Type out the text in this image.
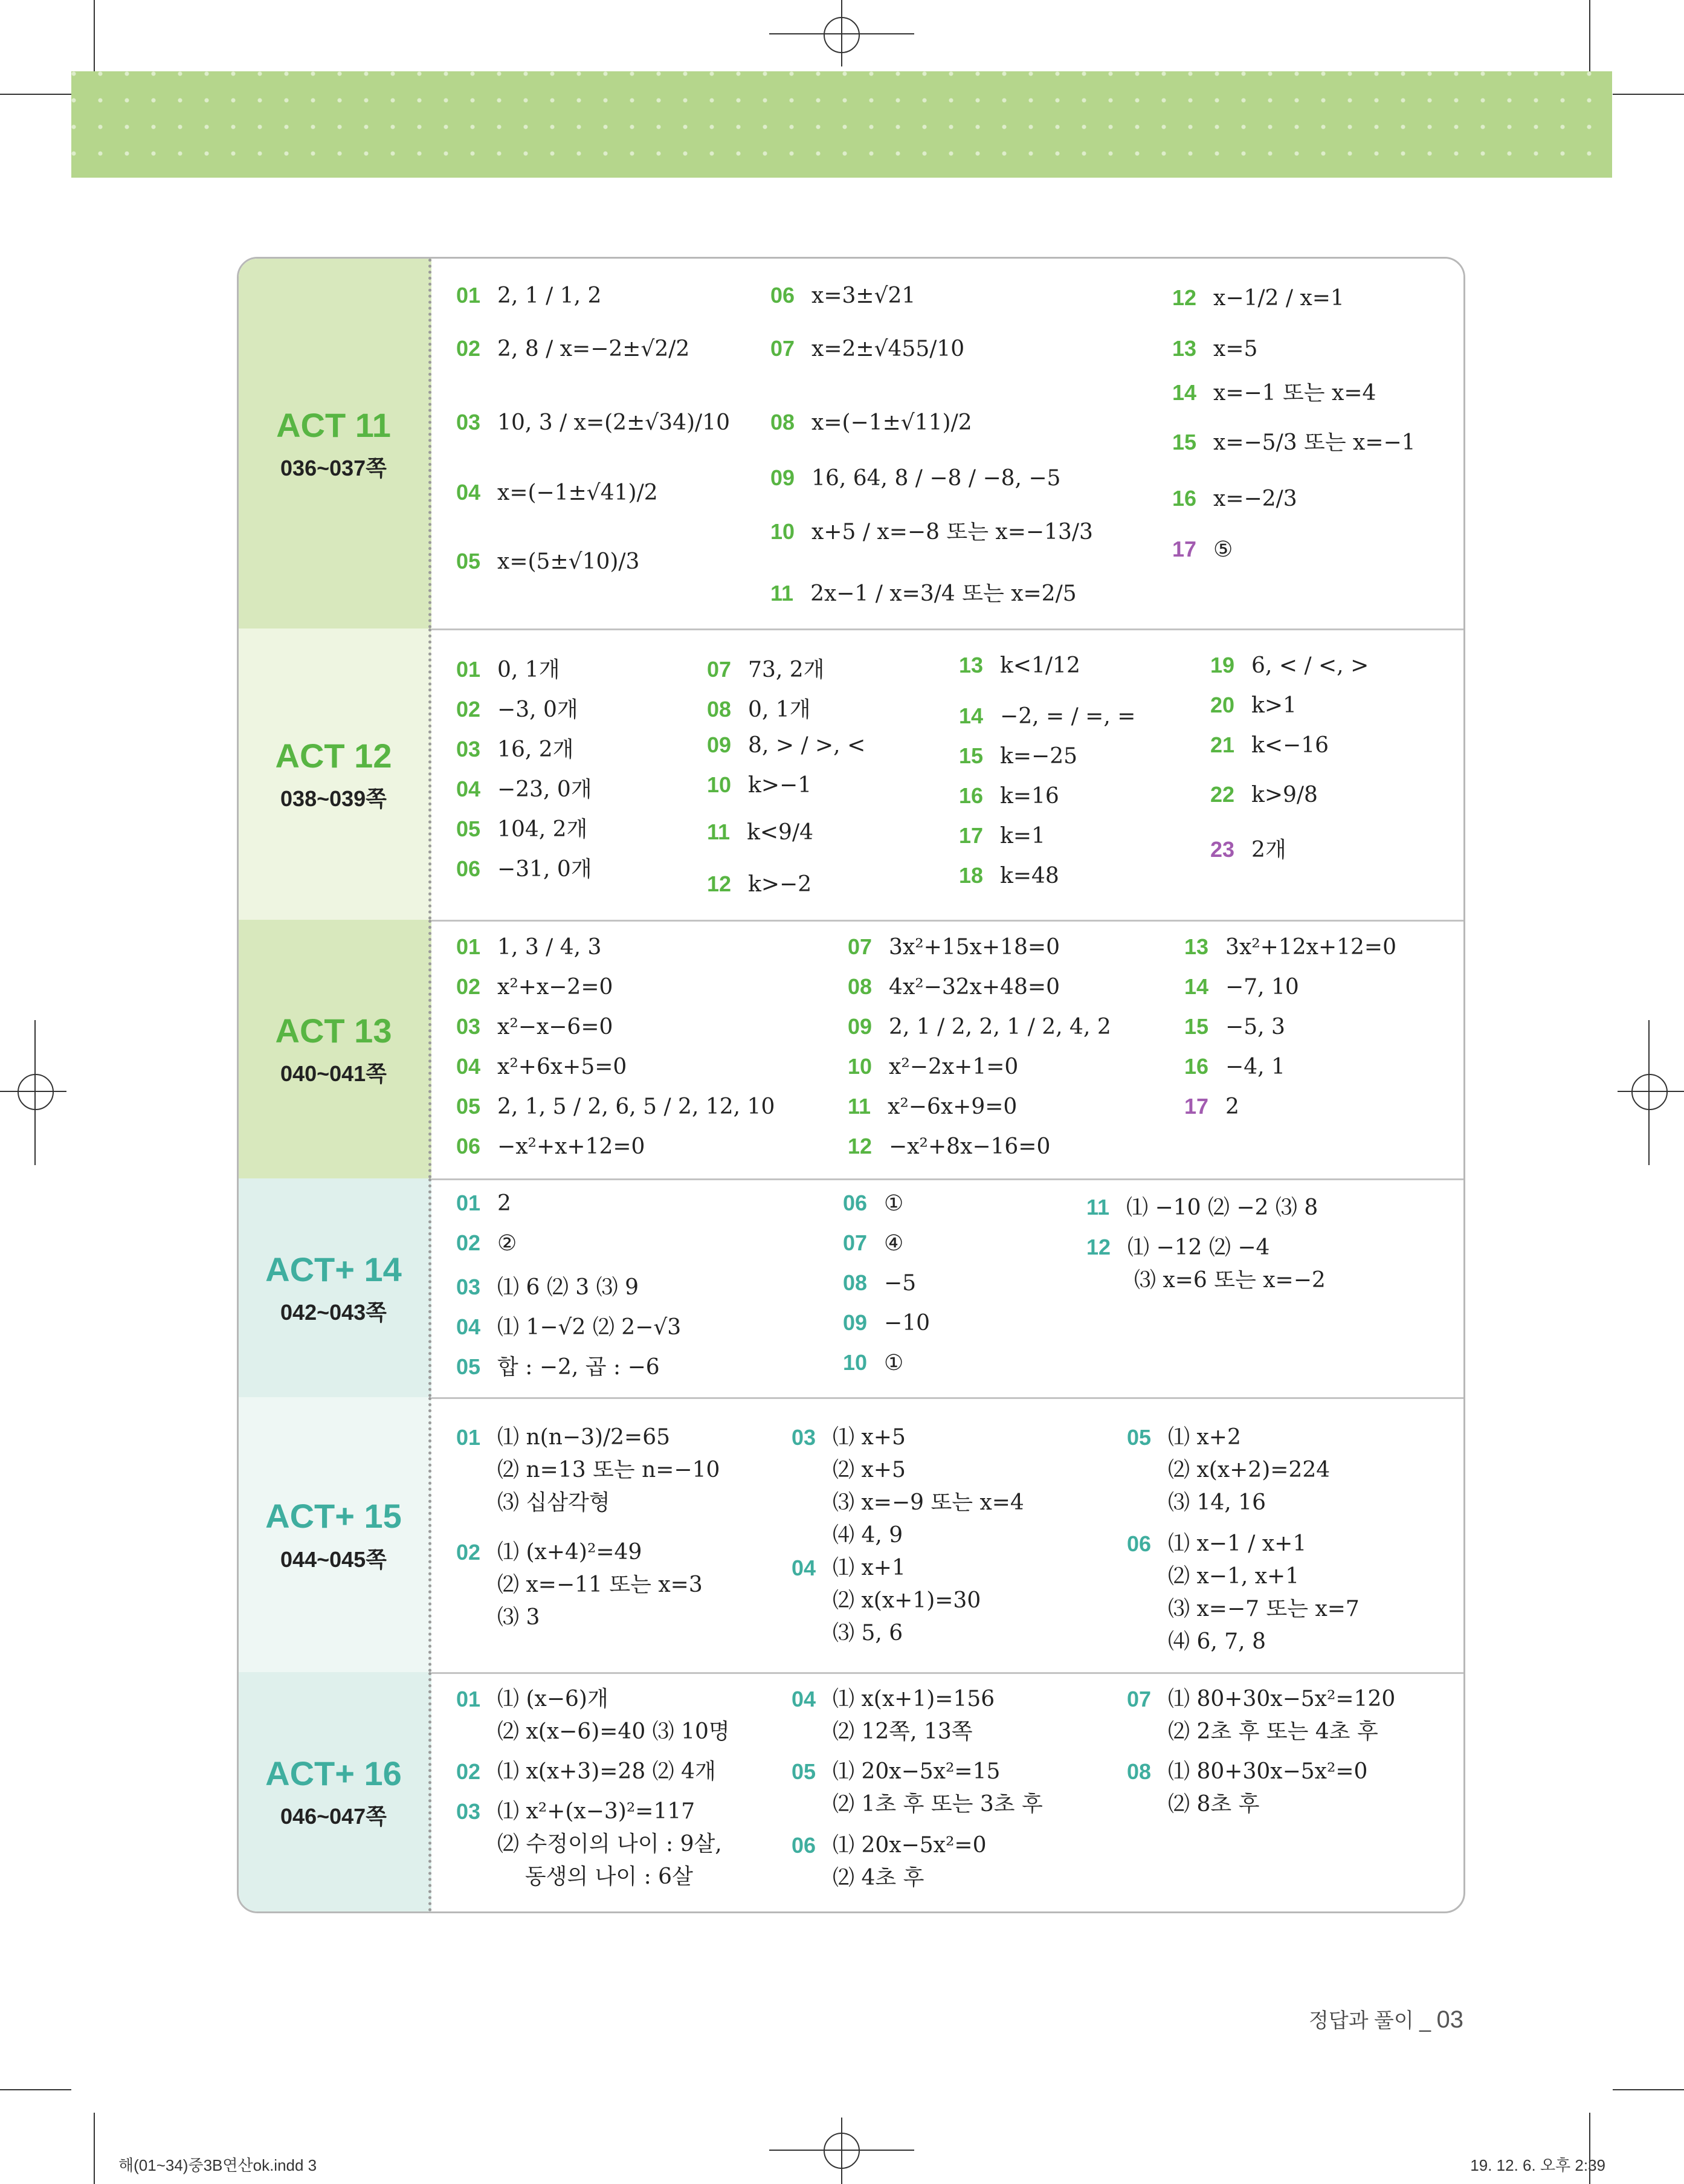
ACT 11
036~037쪽
01 2, 1 / 1, 2
02 2, 8 / x=−2±√2/2
03 10, 3 / x=(2±√34)/10
04 x=(−1±√41)/2
05 x=(5±√10)/3
06 x=3±√21
07 x=2±√455/10
08 x=(−1±√11)/2
09 16, 64, 8 / −8 / −8, −5
10 x+5 / x=−8 또는 x=−13/3
11 2x−1 / x=3/4 또는 x=2/5
12 x−1/2 / x=1
13 x=5
14 x=−1 또는 x=4
15 x=−5/3 또는 x=−1
16 x=−2/3
17 ⑤
ACT 12
038~039쪽
01 0, 1개
02 −3, 0개
03 16, 2개
04 −23, 0개
05 104, 2개
06 −31, 0개
07 73, 2개
08 0, 1개
09 8, > / >, <
10 k>−1
11 k<9/4
12 k>−2
13 k<1/12
14 −2, = / =, =
15 k=−25
16 k=16
17 k=1
18 k=48
19 6, < / <, >
20 k>1
21 k<−16
22 k>9/8
23 2개
ACT 13
040~041쪽
01 1, 3 / 4, 3
02 x²+x−2=0
03 x²−x−6=0
04 x²+6x+5=0
05 2, 1, 5 / 2, 6, 5 / 2, 12, 10
06 −x²+x+12=0
07 3x²+15x+18=0
08 4x²−32x+48=0
09 2, 1 / 2, 2, 1 / 2, 4, 2
10 x²−2x+1=0
11 x²−6x+9=0
12 −x²+8x−16=0
13 3x²+12x+12=0
14 −7, 10
15 −5, 3
16 −4, 1
17 2
ACT+ 14
042~043쪽
01 2
02 ②
03 ⑴ 6 ⑵ 3 ⑶ 9
04 ⑴ 1−√2 ⑵ 2−√3
05 합 : −2, 곱 : −6
06 ①
07 ④
08 −5
09 −10
10 ①
11 ⑴ −10 ⑵ −2 ⑶ 8
12 ⑴ −12 ⑵ −4
⑶ x=6 또는 x=−2
ACT+ 15
044~045쪽
01 ⑴ n(n−3)/2=65
⑵ n=13 또는 n=−10
⑶ 십삼각형
02 ⑴ (x+4)²=49
⑵ x=−11 또는 x=3
⑶ 3
03 ⑴ x+5
⑵ x+5
⑶ x=−9 또는 x=4
⑷ 4, 9
04 ⑴ x+1
⑵ x(x+1)=30
⑶ 5, 6
05 ⑴ x+2
⑵ x(x+2)=224
⑶ 14, 16
06 ⑴ x−1 / x+1
⑵ x−1, x+1
⑶ x=−7 또는 x=7
⑷ 6, 7, 8
ACT+ 16
046~047쪽
01 ⑴ (x−6)개
⑵ x(x−6)=40 ⑶ 10명
02 ⑴ x(x+3)=28 ⑵ 4개
03 ⑴ x²+(x−3)²=117
⑵ 수정이의 나이 : 9살,
동생의 나이 : 6살
04 ⑴ x(x+1)=156
⑵ 12쪽, 13쪽
05 ⑴ 20x−5x²=15
⑵ 1초 후 또는 3초 후
06 ⑴ 20x−5x²=0
⑵ 4초 후
07 ⑴ 80+30x−5x²=120
⑵ 2초 후 또는 4초 후
08 ⑴ 80+30x−5x²=0
⑵ 8초 후
정답과 풀이 _ 03
해(01~34)중3B연산ok.indd 3	19. 12. 6. 오후 2:39
